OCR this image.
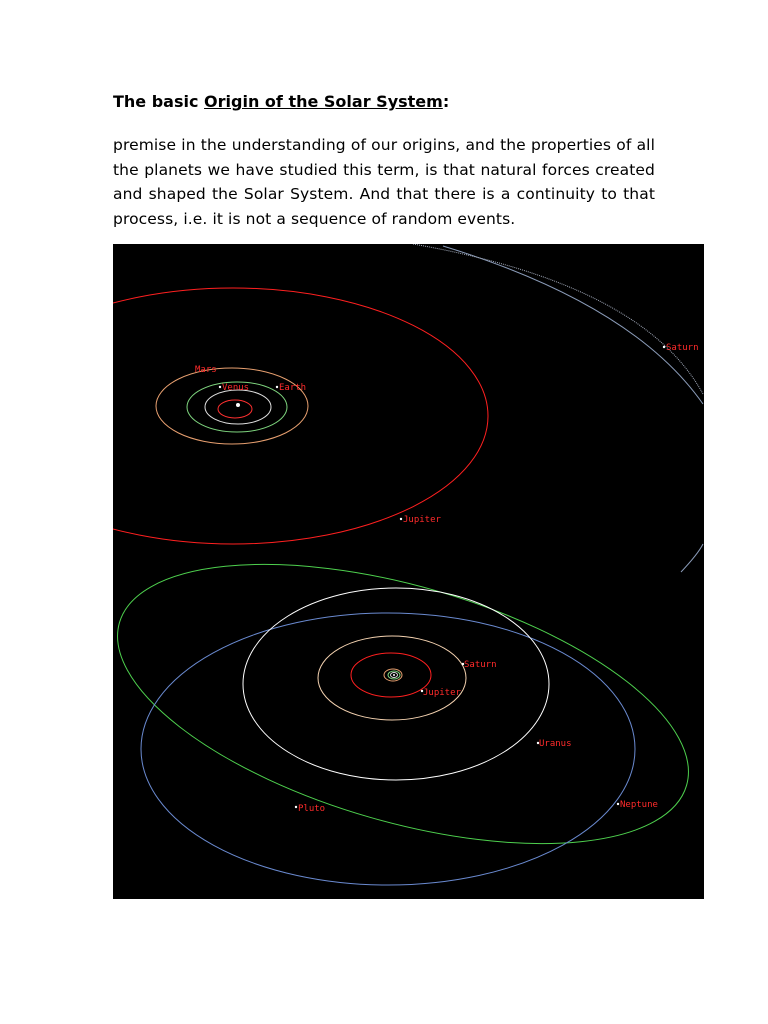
The basic Origin of the Solar System:
premise in the understanding of our origins, and the properties of all the planets we have studied this term, is that natural forces created and shaped the Solar System. And that there is a continuity to that process, i.e. it is not a sequence of random events.
Mars
Venus	Earth
Jupiter
Saturn
Saturn
Jupiter
Uranus
Neptune
Pluto
